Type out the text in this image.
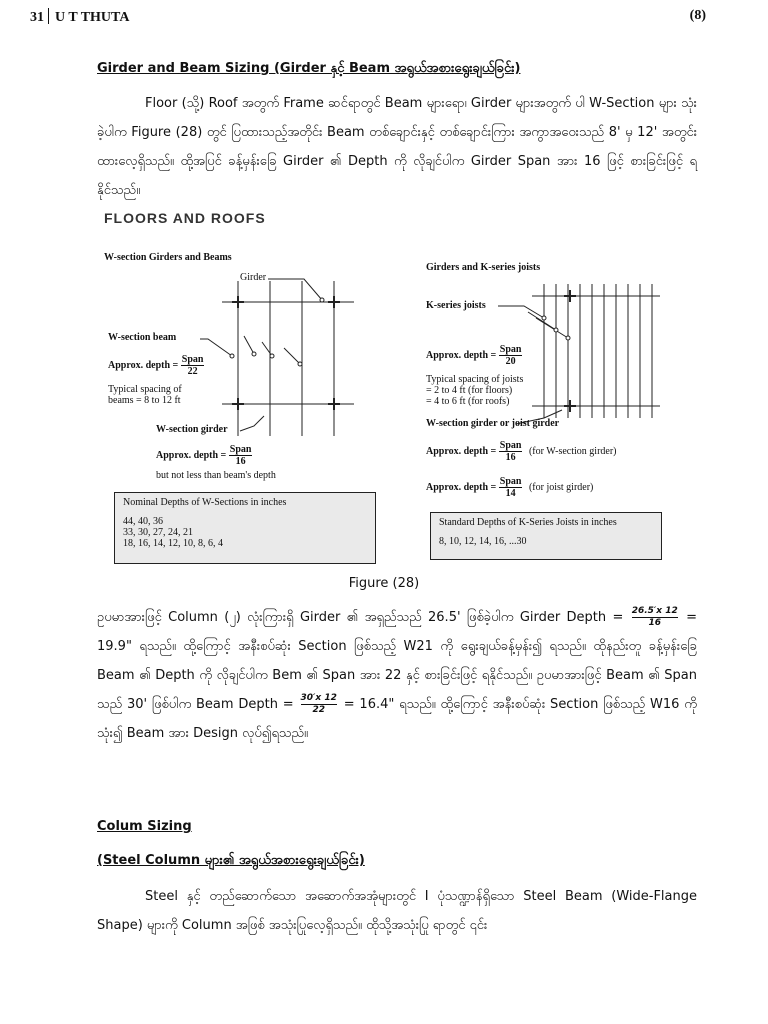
31 U T THUTA	(8)
Girder and Beam Sizing (Girder နှင့် Beam အရွယ်အစားရွေးချယ်ခြင်း)
Floor (သို့) Roof အတွက် Frame ဆင်ရာတွင် Beam များရော၊ Girder များအတွက် ပါ W-Section များ သုံးခဲ့ပါက Figure (28) တွင် ပြထားသည့်အတိုင်း Beam တစ်ချောင်းနှင့် တစ်ချောင်းကြား အကွာအဝေးသည် 8' မှ 12' အတွင်း ထားလေ့ရှိသည်။ ထို့အပြင် ခန့်မှန်းခြေ Girder ၏ Depth ကို လိုချင်ပါက Girder Span အား 16 ဖြင့် စားခြင်းဖြင့် ရနိုင်သည်။
FLOORS AND ROOFS
W-section Girders and Beams
Girder
W-section beam
Approx. depth = $\frac{\text{Span}}{22}$
Typical spacing of
beams = 8 to 12 ft
W-section girder
Approx. depth = $\frac{\text{Span}}{16}$
but not less than beam's depth
Nominal Depths of W-Sections in inches
44, 40, 36
33, 30, 27, 24, 21
18, 16, 14, 12, 10, 8, 6, 4
Girders and K-series joists
K-series joists
Approx. depth = $\frac{\text{Span}}{20}$
Typical spacing of joists
= 2 to 4 ft (for floors)
= 4 to 6 ft (for roofs)
W-section girder or joist girder
Approx. depth = $\frac{\text{Span}}{16} (for$ W-section girder)
Approx. depth = $\frac{\text{Span}}{14} (for$ joist girder)
Standard Depths of K-Series Joists in inches
8, 10, 12, 14, 16, ...30
Figure (28)
ဥပမာအားဖြင့် Column (၂) လုံးကြားရှိ Girder ၏ အရှည်သည် 26.5' ဖြစ်ခဲ့ပါက Girder Depth = $\frac{26.5'x 12}{16} = 19.9$" ရသည်။ ထို့ကြောင့် အနီးစပ်ဆုံး Section ဖြစ်သည့် W21 ကို ရွေးချယ်ခန့်မှန်း၍ ရသည်။ ထိုနည်းတူ ခန့်မှန်းခြေ Beam ၏ Depth ကို လိုချင်ပါက Bem ၏ Span အား 22 နှင့် စားခြင်းဖြင့် ရနိုင်သည်။ ဥပမာအားဖြင့် Beam ၏ Span သည် 30' ဖြစ်ပါက Beam Depth = $\frac{30'x 12}{22} = 16.4$" ရသည်။ ထို့ကြောင့် အနီးစပ်ဆုံး Section ဖြစ်သည့် W16 ကိုသုံး၍ Beam အား Design လုပ်၍ရသည်။
Colum Sizing
(Steel Column များ၏ အရွယ်အစားရွေးချယ်ခြင်း)
Steel နှင့် တည်ဆောက်သော အဆောက်အအုံများတွင် I ပုံသဏ္ဍာန်ရှိသော Steel Beam (Wide-Flange Shape) များကို Column အဖြစ် အသုံးပြုလေ့ရှိသည်။ ထိုသို့အသုံးပြု ရာတွင် ၎င်း
